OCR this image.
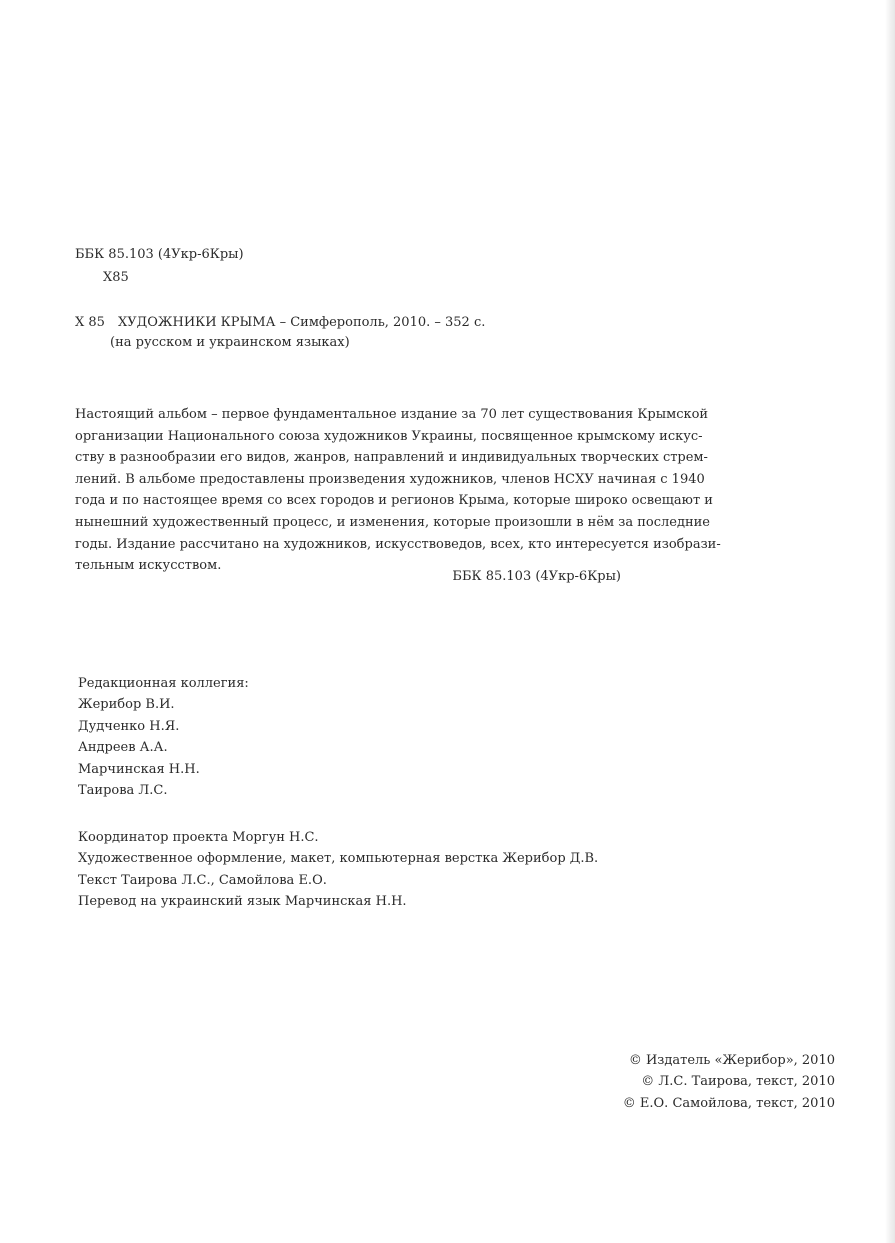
ББК 85.103 (4Укр-6Кры)
Х85
Х 85 ХУДОЖНИКИ КРЫМА – Симферополь, 2010. – 352 с.
(на русском и украинском языках)
Настоящий альбом – первое фундаментальное издание за 70 лет существования Крымской
организации Национального союза художников Украины, посвященное крымскому искус-
ству в разнообразии его видов, жанров, направлений и индивидуальных творческих стрем-
лений. В альбоме предоставлены произведения художников, членов НСХУ начиная с 1940
года и по настоящее время со всех городов и регионов Крыма, которые широко освещают и
нынешний художественный процесс, и изменения, которые произошли в нём за последние
годы. Издание рассчитано на художников, искусствоведов, всех, кто интересуется изобрази-
тельным искусством.
ББК 85.103 (4Укр-6Кры)
Редакционная коллегия:
Жерибор В.И.
Дудченко Н.Я.
Андреев А.А.
Марчинская Н.Н.
Таирова Л.С.
Координатор проекта Моргун Н.С.
Художественное оформление, макет, компьютерная верстка Жерибор Д.В.
Текст Таирова Л.С., Самойлова Е.О.
Перевод на украинский язык Марчинская Н.Н.
© Издатель «Жерибор», 2010
© Л.С. Таирова, текст, 2010
© Е.О. Самойлова, текст, 2010
